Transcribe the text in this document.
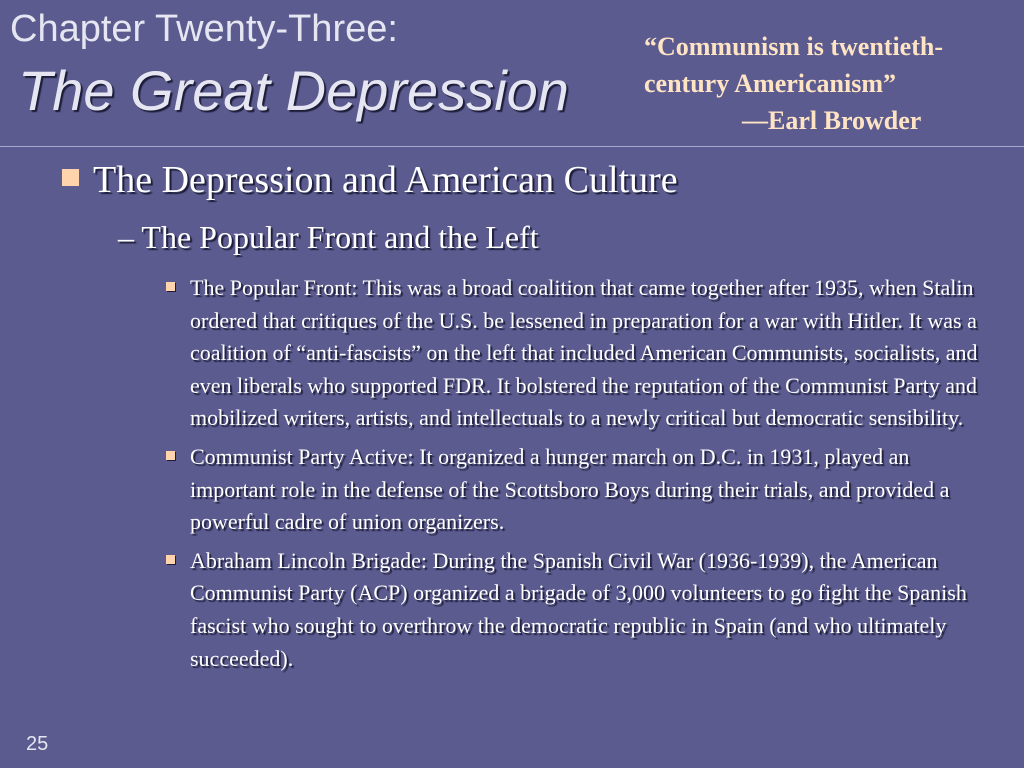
Chapter Twenty-Three:
The Great Depression
“Communism is twentieth-century Americanism”
—Earl Browder
The Depression and American Culture
– The Popular Front and the Left
The Popular Front: This was a broad coalition that came together after 1935, when Stalin ordered that critiques of the U.S. be lessened in preparation for a war with Hitler. It was a coalition of “anti-fascists” on the left that included American Communists, socialists, and even liberals who supported FDR. It bolstered the reputation of the Communist Party and mobilized writers, artists, and intellectuals to a newly critical but democratic sensibility.
Communist Party Active: It organized a hunger march on D.C. in 1931, played an important role in the defense of the Scottsboro Boys during their trials, and provided a powerful cadre of union organizers.
Abraham Lincoln Brigade: During the Spanish Civil War (1936-1939), the American Communist Party (ACP) organized a brigade of 3,000 volunteers to go fight the Spanish fascist who sought to overthrow the democratic republic in Spain (and who ultimately succeeded).
25
